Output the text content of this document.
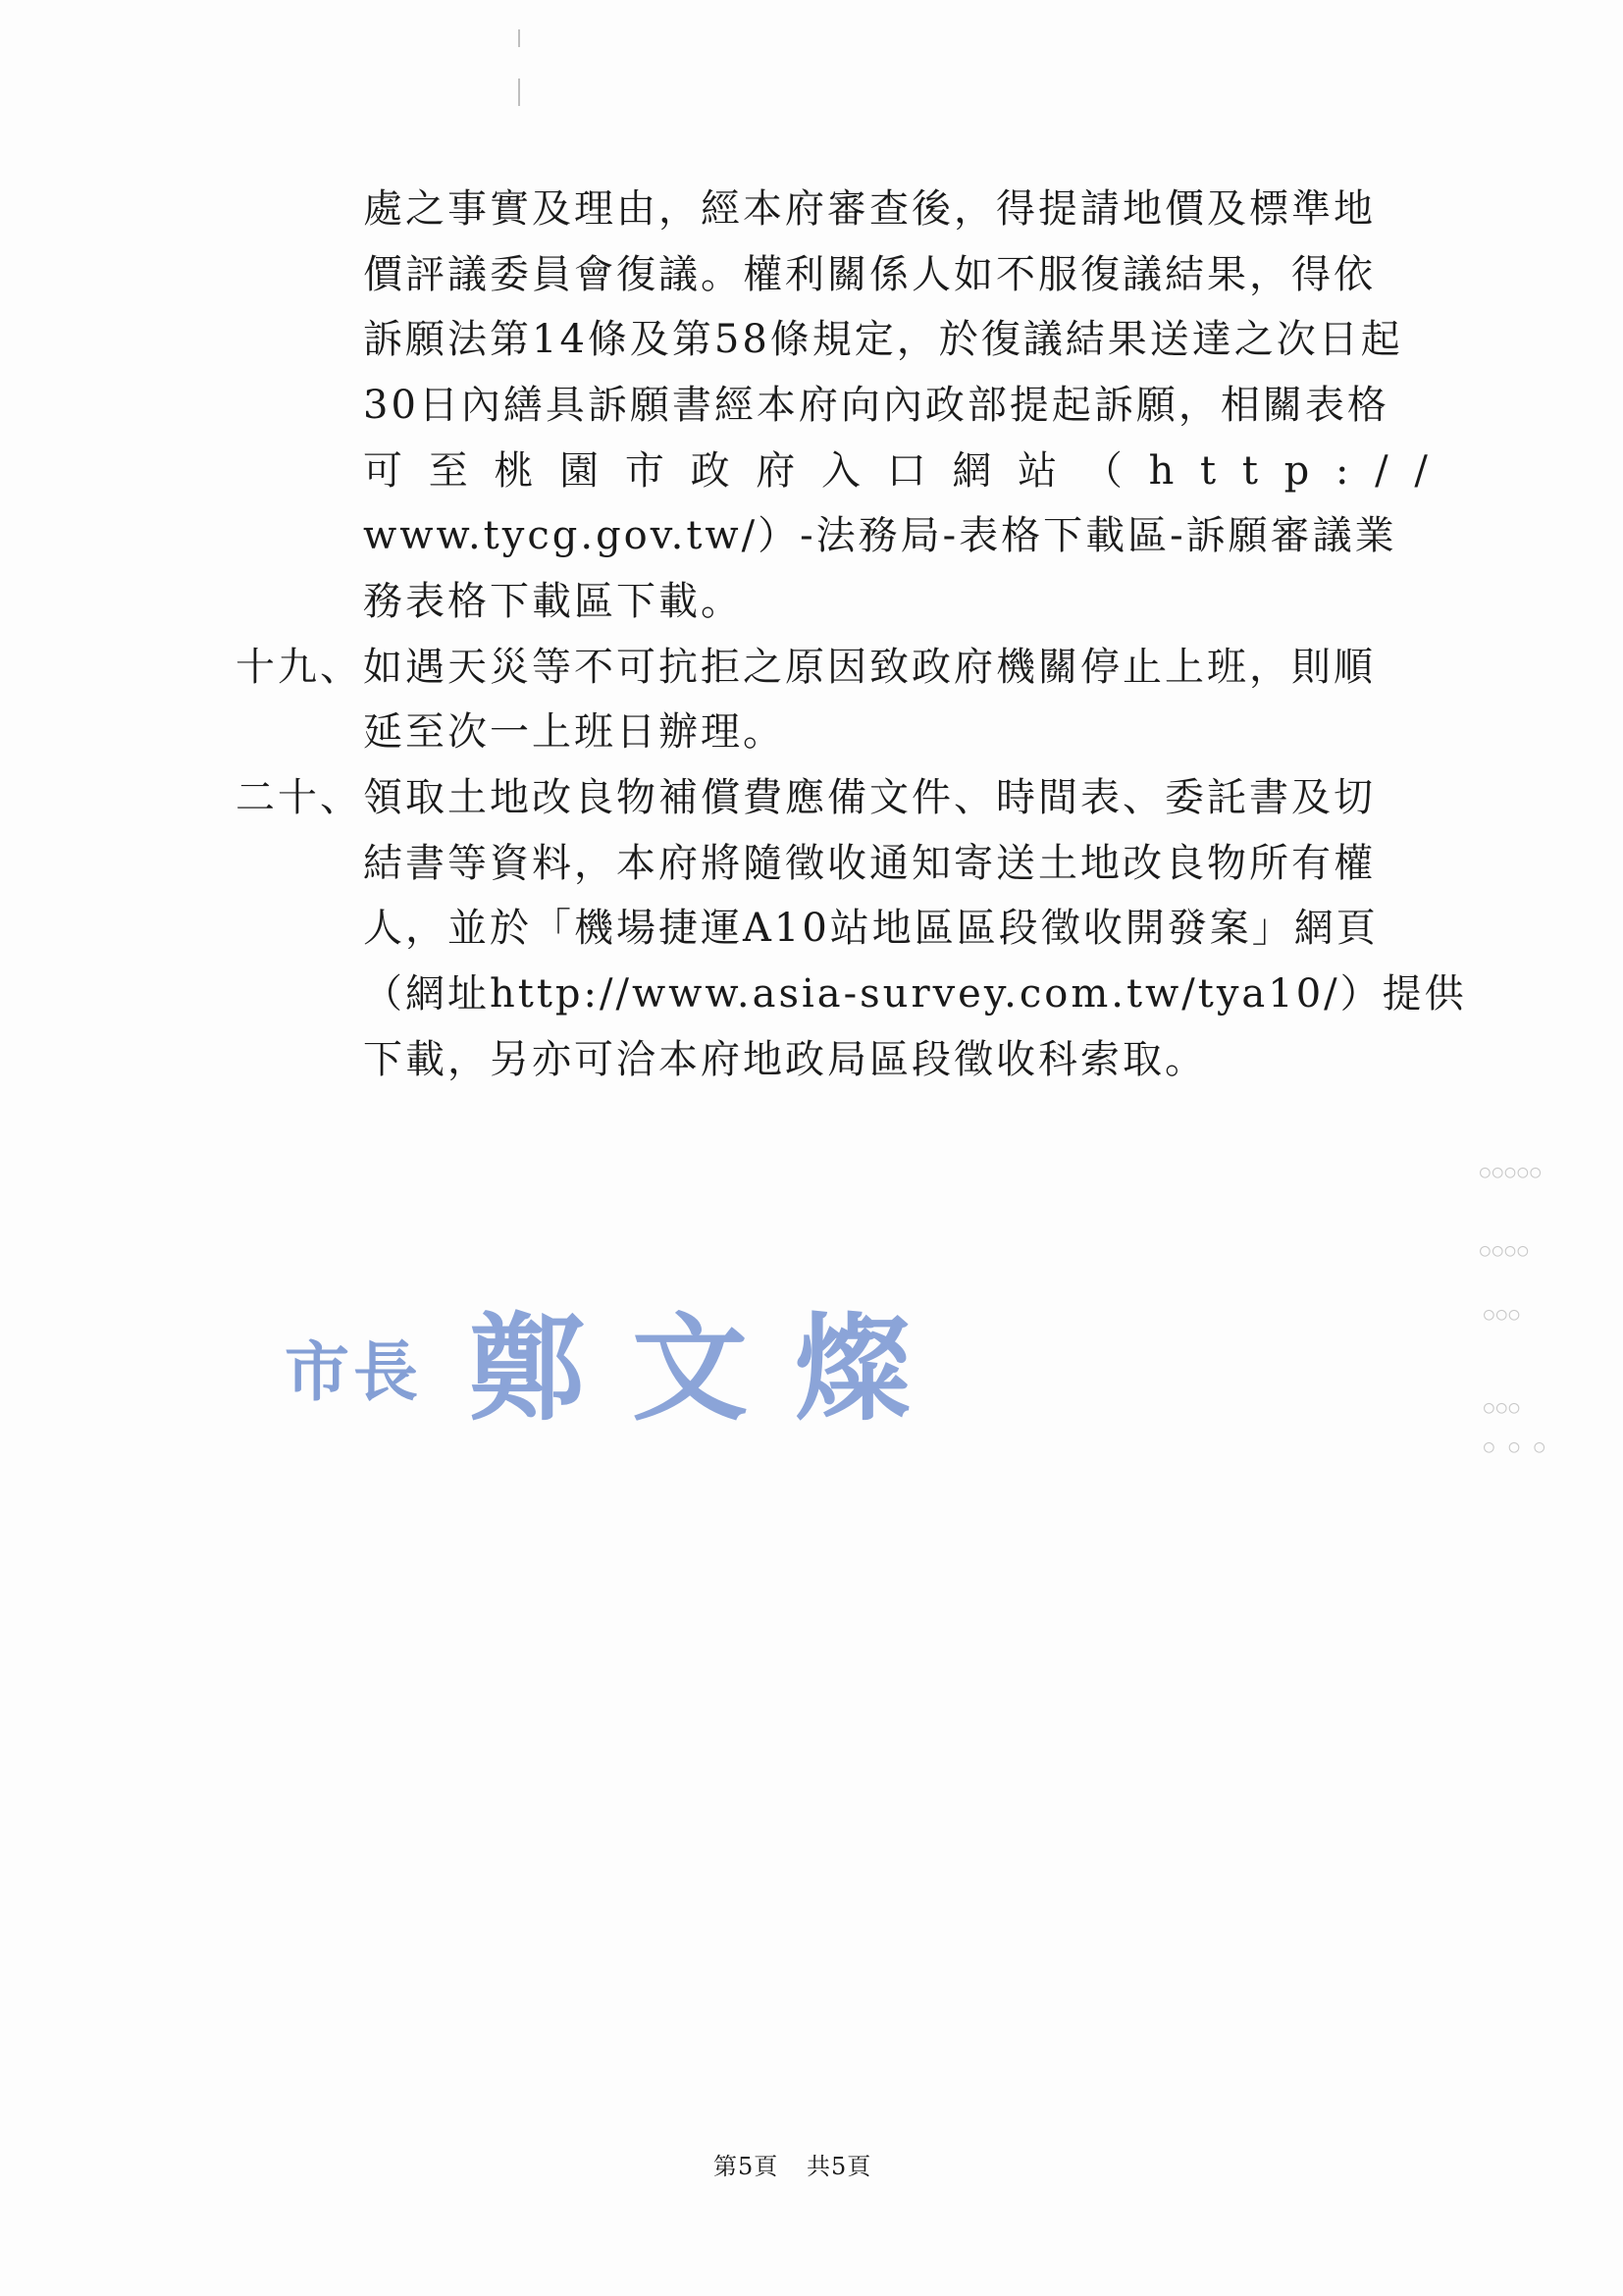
處之事實及理由，經本府審查後，得提請地價及標準地
價評議委員會復議。權利關係人如不服復議結果，得依
訴願法第14條及第58條規定，於復議結果送達之次日起
30日內繕具訴願書經本府向內政部提起訴願，相關表格
可 至 桃 園 市 政 府 入 口 網 站 （ h t t p : / /
www.tycg.gov.tw/）-法務局-表格下載區-訴願審議業
務表格下載區下載。
十九、 如遇天災等不可抗拒之原因致政府機關停止上班，則順
延至次一上班日辦理。
二十、 領取土地改良物補償費應備文件、時間表、委託書及切
結書等資料，本府將隨徵收通知寄送土地改良物所有權
人，並於「機場捷運A10站地區區段徵收開發案」網頁
（網址http://www.asia-survey.com.tw/tya10/）提供
下載，另亦可洽本府地政局區段徵收科索取。
市長 鄭文燦
○○○○○
○○○○
○○○
○○○
○ ○ ○
第5頁 共5頁
